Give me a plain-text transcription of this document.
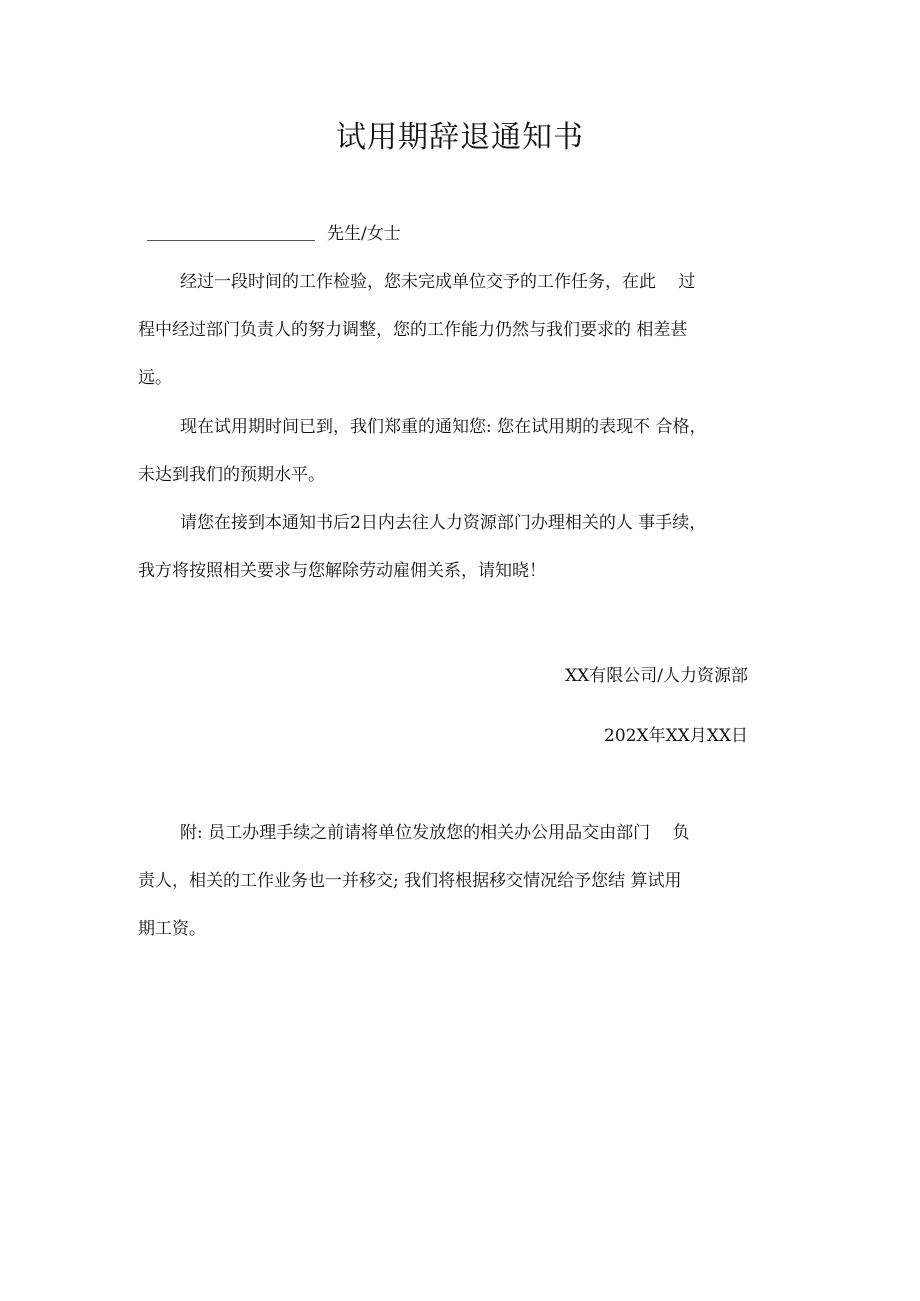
试用期辞退通知书
先生/女士
经过一段时间的工作检验，您未完成单位交予的工作任务，在此　 过
程中经过部门负责人的努力调整，您的工作能力仍然与我们要求的 相差甚
远。
现在试用期时间已到，我们郑重的通知您: 您在试用期的表现不 合格，
未达到我们的预期水平。
请您在接到本通知书后2日内去往人力资源部门办理相关的人 事手续，
我方将按照相关要求与您解除劳动雇佣关系，请知晓！
XX有限公司/人力资源部
202X年XX月XX日
附: 员工办理手续之前请将单位发放您的相关办公用品交由部门　 负
责人，相关的工作业务也一并移交; 我们将根据移交情况给予您结 算试用
期工资。
